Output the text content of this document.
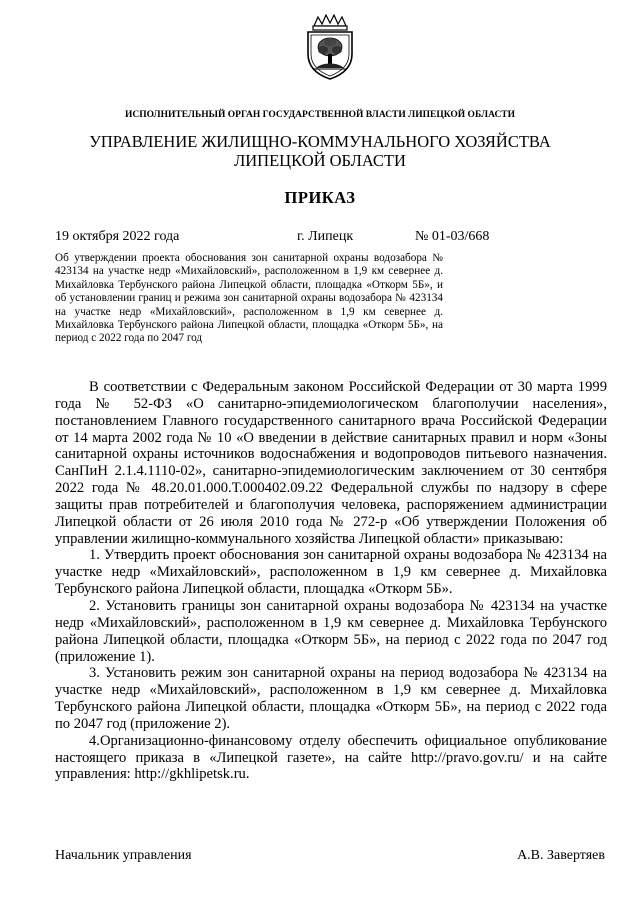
ИСПОЛНИТЕЛЬНЫЙ ОРГАН ГОСУДАРСТВЕННОЙ ВЛАСТИ ЛИПЕЦКОЙ ОБЛАСТИ
УПРАВЛЕНИЕ ЖИЛИЩНО-КОММУНАЛЬНОГО ХОЗЯЙСТВА
ЛИПЕЦКОЙ ОБЛАСТИ
ПРИКАЗ
19 октября 2022 года	г. Липецк	№ 01-03/668
Об утверждении проекта обоснования зон санитарной охраны водозабора № 423134 на участке недр «Михайловский», расположенном в 1,9 км севернее д. Михайловка Тербунского района Липецкой области, площадка «Откорм 5Б», и об установлении границ и режима зон санитарной охраны водозабора № 423134 на участке недр «Михайловский», расположенном в 1,9 км севернее д. Михайловка Тербунского района Липецкой области, площадка «Откорм 5Б», на период с 2022 года по 2047 год

В соответствии с Федеральным законом Российской Федерации от 30 марта 1999 года № 52-ФЗ «О санитарно-эпидемиологическом благополучии населения», постановлением Главного государственного санитарного врача Российской Федерации от 14 марта 2002 года № 10 «О введении в действие санитарных правил и норм «Зоны санитарной охраны источников водоснабжения и водопроводов питьевого назначения. СанПиН 2.1.4.1110-02», санитарно-эпидемиологическим заключением от 30 сентября 2022 года № 48.20.01.000.Т.000402.09.22 Федеральной службы по надзору в сфере защиты прав потребителей и благополучия человека, распоряжением администрации Липецкой области от 26 июля 2010 года № 272-р «Об утверждении Положения об управлении жилищно-коммунального хозяйства Липецкой области» приказываю:

1. Утвердить проект обоснования зон санитарной охраны водозабора № 423134 на участке недр «Михайловский», расположенном в 1,9 км севернее д. Михайловка Тербунского района Липецкой области, площадка «Откорм 5Б».

2. Установить границы зон санитарной охраны водозабора № 423134 на участке недр «Михайловский», расположенном в 1,9 км севернее д. Михайловка Тербунского района Липецкой области, площадка «Откорм 5Б», на период с 2022 года по 2047 год (приложение 1).

3. Установить режим зон санитарной охраны на период водозабора № 423134 на участке недр «Михайловский», расположенном в 1,9 км севернее д. Михайловка Тербунского района Липецкой области, площадка «Откорм 5Б», на период с 2022 года по 2047 год (приложение 2).

4.Организационно-финансовому отделу обеспечить официальное опубликование настоящего приказа в «Липецкой газете», на сайте http://pravo.gov.ru/ и на сайте управления: http://gkhlipetsk.ru.

Начальник управления	А.В. Завертяев
